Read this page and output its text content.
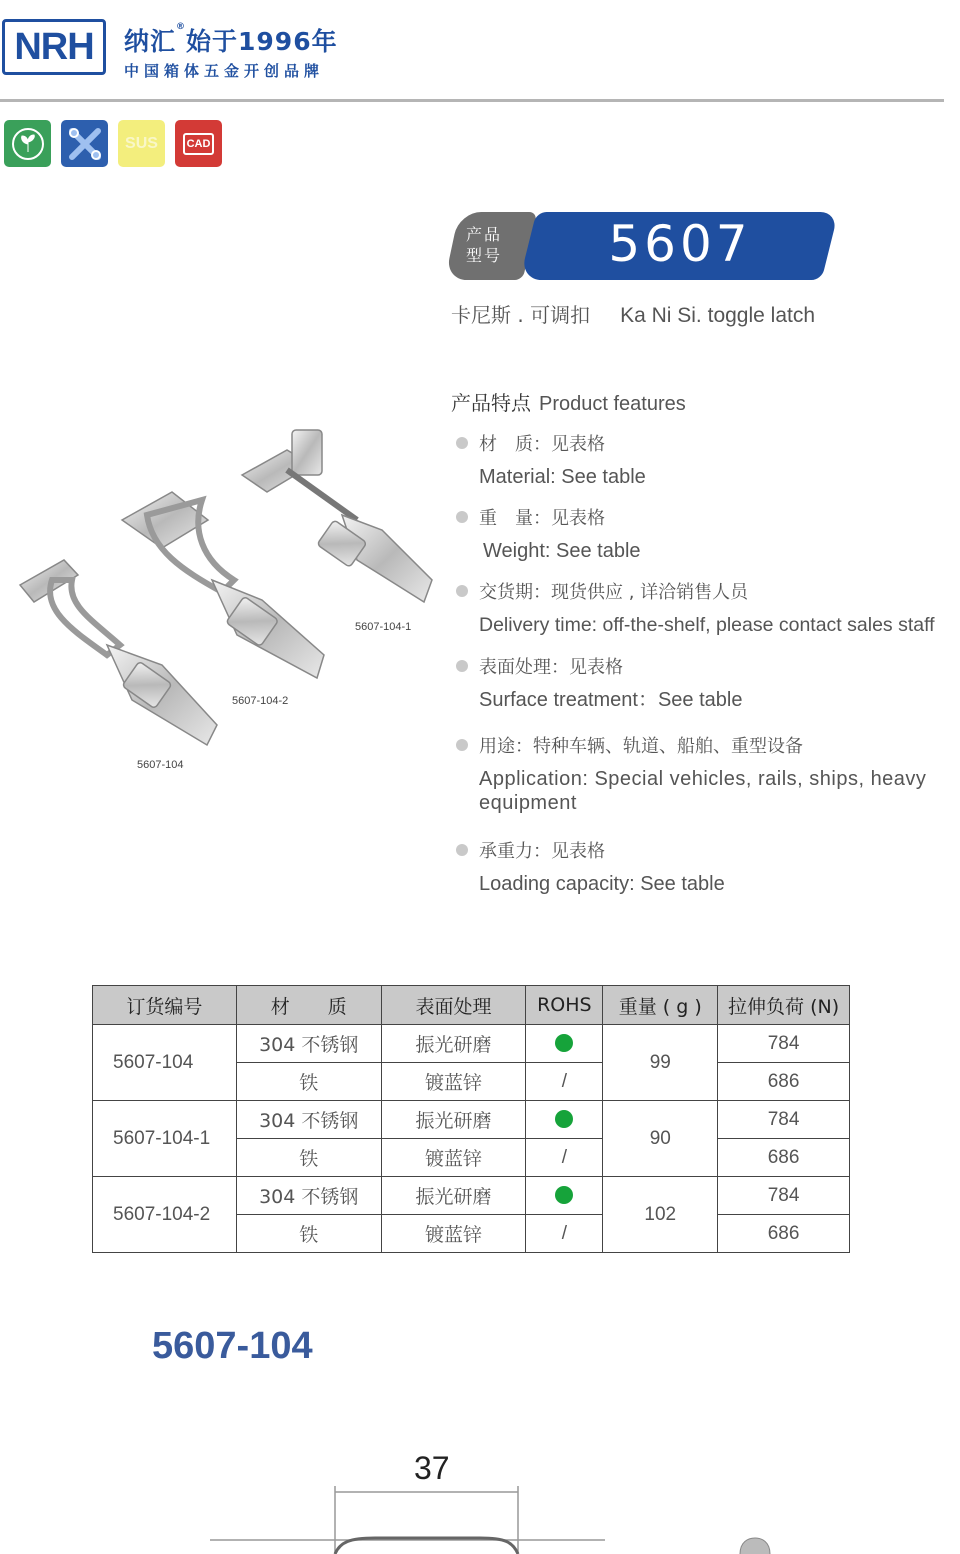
NRH 纳汇®始于1996年
中国箱体五金开创品牌
SUS	CAD
产品
型号	5607
卡尼斯 . 可调扣 Ka Ni Si. toggle latch
5607-104
5607-104-2
5607-104-1
产品特点 Product features
材　质：见表格
Material: See table
重　量：见表格
Weight: See table
交货期：现货供应 , 详洽销售人员
Delivery time: off-the-shelf, please contact sales staff
表面处理：见表格
Surface treatment：See table
用途：特种车辆、轨道、船舶、重型设备
Application: Special vehicles, rails, ships, heavy equipment
承重力：见表格
Loading capacity: See table
订货编号	材　　质	表面处理	ROHS	重量 ( g )	拉伸负荷 (N)
5607-104	304 不锈钢	振光研磨		99	784
	铁	镀蓝锌	/		686
5607-104-1	304 不锈钢	振光研磨		90	784
	铁	镀蓝锌	/		686
5607-104-2	304 不锈钢	振光研磨		102	784
	铁	镀蓝锌	/		686
5607-104
37
